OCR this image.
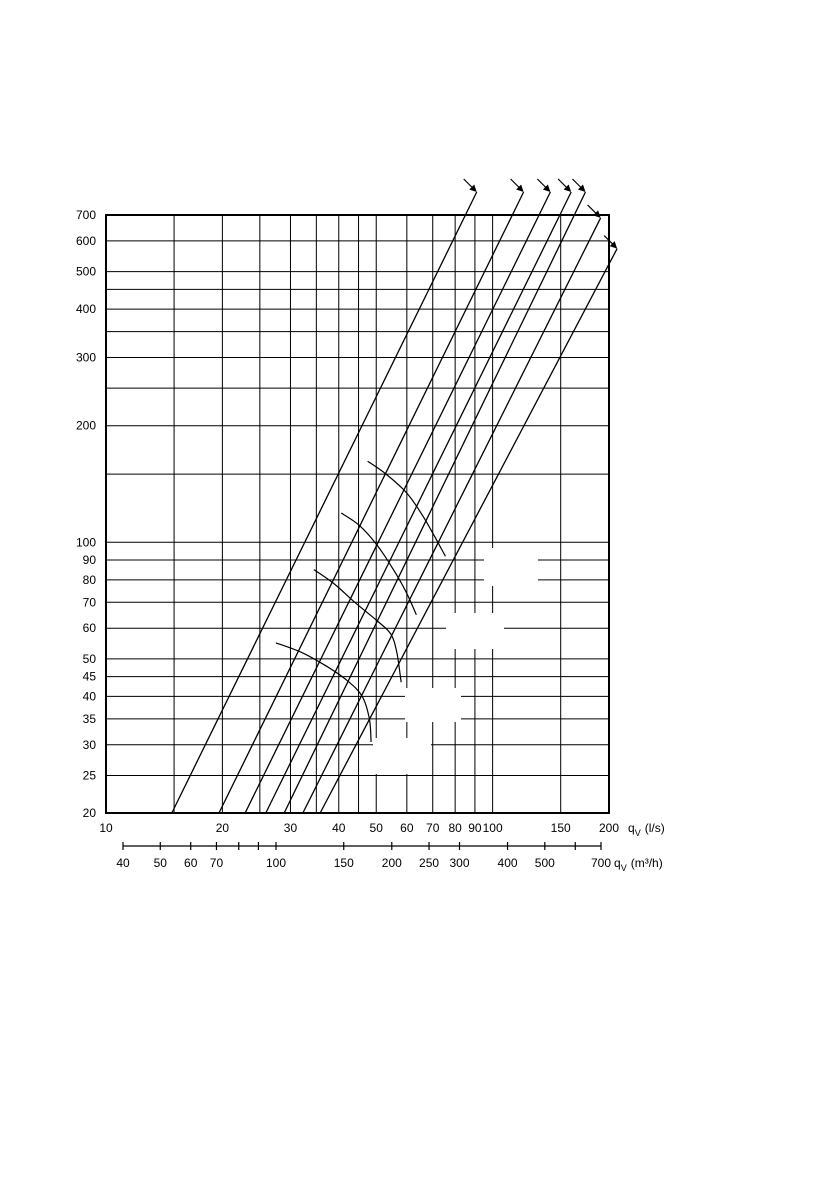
20
25
30
35
40
45
50
60
70
80
90
100
200
300
400
500
600
700
10	20	30	40 50 60 70 80 90 100	150 200
40 50 60 70	100	150 200 250 300 400 500	700
$q_V$ (l/s)
$q_V$ (m³/h)
